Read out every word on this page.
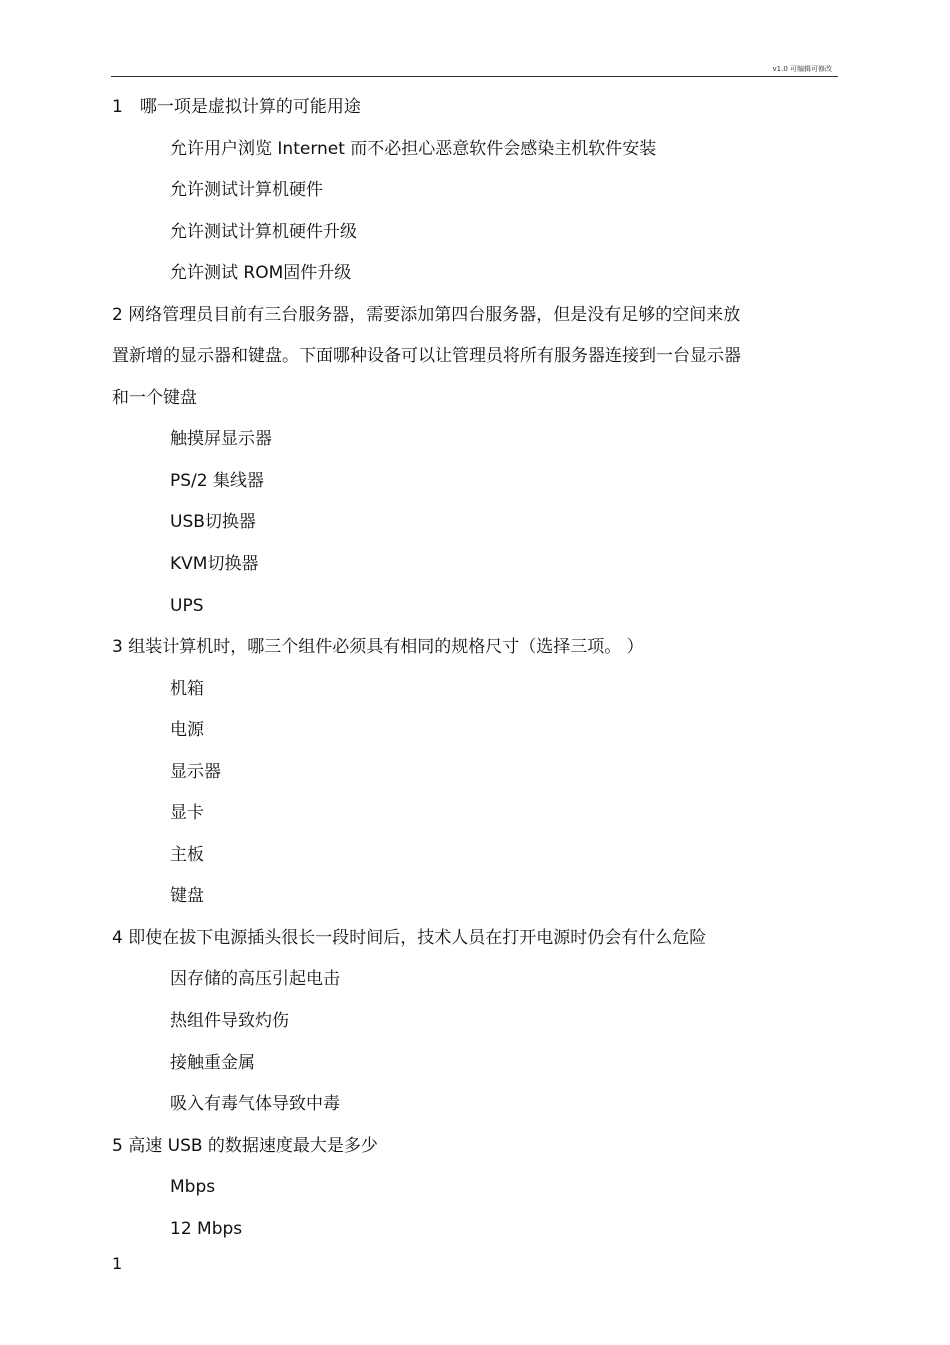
v1.0 可编辑可修改
1　哪一项是虚拟计算的可能用途
允许用户浏览 Internet 而不必担心恶意软件会感染主机软件安装
允许测试计算机硬件
允许测试计算机硬件升级
允许测试 ROM固件升级
2 网络管理员目前有三台服务器，需要添加第四台服务器，但是没有足够的空间来放
置新增的显示器和键盘。下面哪种设备可以让管理员将所有服务器连接到一台显示器
和一个键盘
触摸屏显示器
PS/2 集线器
USB切换器
KVM切换器
UPS
3 组装计算机时，哪三个组件必须具有相同的规格尺寸（选择三项。 ）
机箱
电源
显示器
显卡
主板
键盘
4 即使在拔下电源插头很长一段时间后，技术人员在打开电源时仍会有什么危险
因存储的高压引起电击
热组件导致灼伤
接触重金属
吸入有毒气体导致中毒
5 高速 USB 的数据速度最大是多少
Mbps
12 Mbps
1
